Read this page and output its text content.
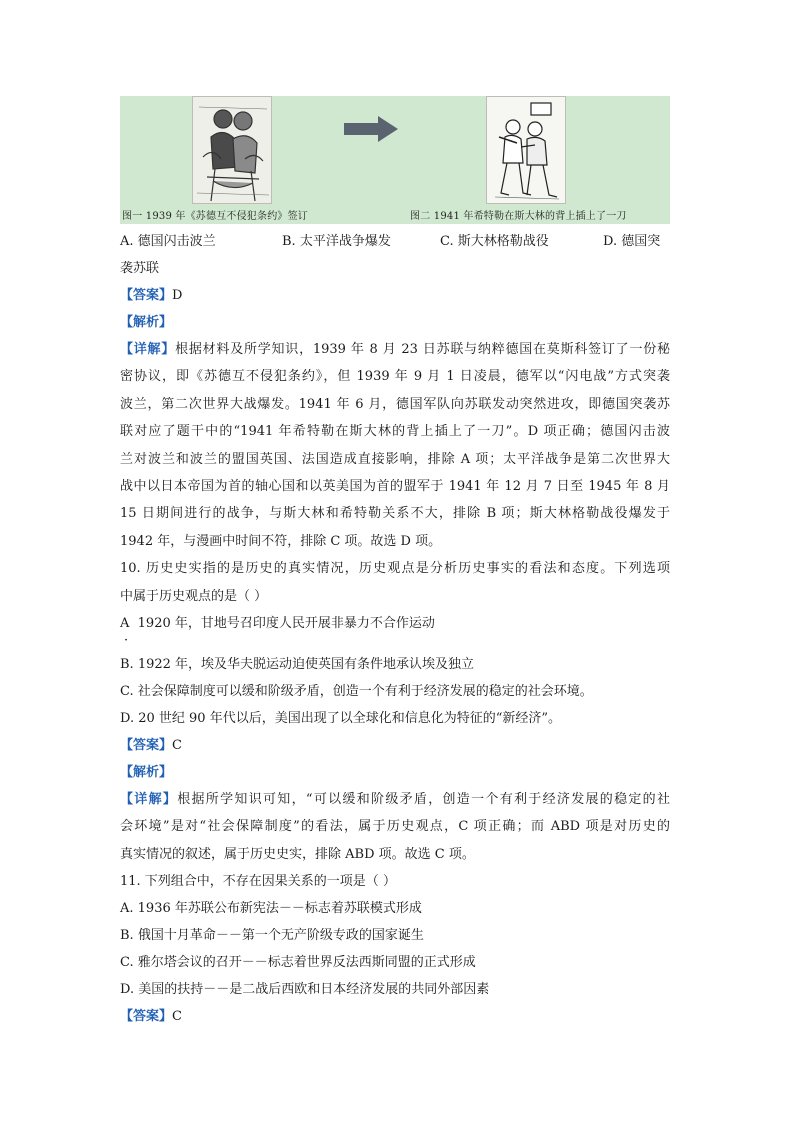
图一 1939 年《苏德互不侵犯条约》签订	图二 1941 年希特勒在斯大林的背上插上了一刀
A. 德国闪击波兰	B. 太平洋战争爆发	C. 斯大林格勒战役	D. 德国突
袭苏联
【答案】D
【解析】
【详解】根据材料及所学知识，1939 年 8 月 23 日苏联与纳粹德国在莫斯科签订了一份秘
密协议，即《苏德互不侵犯条约》，但 1939 年 9 月 1 日凌晨，德军以“闪电战”方式突袭
波兰，第二次世界大战爆发。1941 年 6 月，德国军队向苏联发动突然进攻，即德国突袭苏
联对应了题干中的“1941 年希特勒在斯大林的背上插上了一刀”。D 项正确；德国闪击波
兰对波兰和波兰的盟国英国、法国造成直接影响，排除 A 项；太平洋战争是第二次世界大
战中以日本帝国为首的轴心国和以英美国为首的盟军于 1941 年 12 月 7 日至 1945 年 8 月
15 日期间进行的战争，与斯大林和希特勒关系不大，排除 B 项；斯大林格勒战役爆发于
1942 年，与漫画中时间不符，排除 C 项。故选 D 项。
10. 历史史实指的是历史的真实情况，历史观点是分析历史事实的看法和态度。下列选项
中属于历史观点的是（ ）
A 1920 年，甘地号召印度人民开展非暴力不合作运动
·
B. 1922 年，埃及华夫脱运动迫使英国有条件地承认埃及独立
C. 社会保障制度可以缓和阶级矛盾，创造一个有利于经济发展的稳定的社会环境。
D. 20 世纪 90 年代以后，美国出现了以全球化和信息化为特征的“新经济”。
【答案】C
【解析】
【详解】根据所学知识可知，“可以缓和阶级矛盾，创造一个有利于经济发展的稳定的社
会环境”是对“社会保障制度”的看法，属于历史观点，C 项正确；而 ABD 项是对历史的
真实情况的叙述，属于历史史实，排除 ABD 项。故选 C 项。
11. 下列组合中，不存在因果关系的一项是（ ）
A. 1936 年苏联公布新宪法－－标志着苏联模式形成
B. 俄国十月革命－－第一个无产阶级专政的国家诞生
C. 雅尔塔会议的召开－－标志着世界反法西斯同盟的正式形成
D. 美国的扶持－－是二战后西欧和日本经济发展的共同外部因素
【答案】C
